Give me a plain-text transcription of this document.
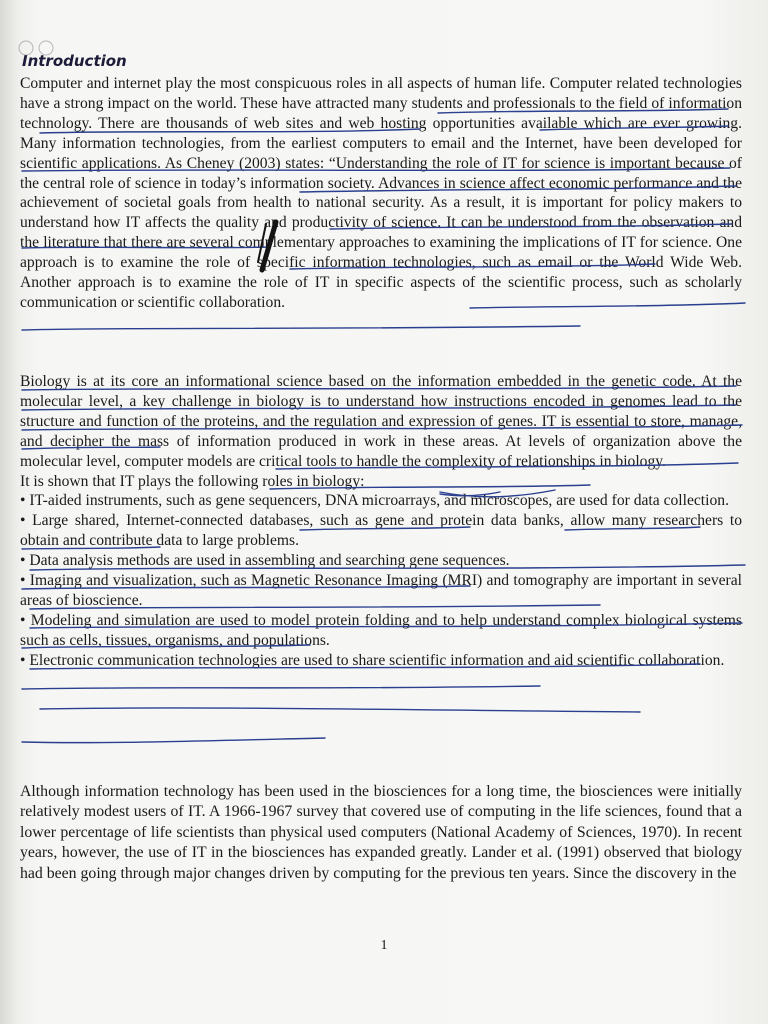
Introduction

Computer and internet play the most conspicuous roles in all aspects of human life. Computer related technologies have a strong impact on the world. These have attracted many students and professionals to the field of information technology. There are thousands of web sites and web hosting opportunities available which are ever growing. Many information technologies, from the earliest computers to email and the Internet, have been developed for scientific applications. As Cheney (2003) states: “Understanding the role of IT for science is important because of the central role of science in today’s information society. Advances in science affect economic performance and the achievement of societal goals from health to national security. As a result, it is important for policy makers to understand how IT affects the quality and productivity of science. It can be understood from the observation and the literature that there are several complementary approaches to examining the implications of IT for science. One approach is to examine the role of specific information technologies, such as email or the World Wide Web. Another approach is to examine the role of IT in specific aspects of the scientific process, such as scholarly communication or scientific collaboration.

Biology is at its core an informational science based on the information embedded in the genetic code. At the molecular level, a key challenge in biology is to understand how instructions encoded in genomes lead to the structure and function of the proteins, and the regulation and expression of genes. IT is essential to store, manage, and decipher the mass of information produced in work in these areas. At levels of organization above the molecular level, computer models are critical tools to handle the complexity of relationships in biology.

It is shown that IT plays the following roles in biology:

• IT-aided instruments, such as gene sequencers, DNA microarrays, and microscopes, are used for data collection.

• Large shared, Internet-connected databases, such as gene and protein data banks, allow many researchers to obtain and contribute data to large problems.

• Data analysis methods are used in assembling and searching gene sequences.

• Imaging and visualization, such as Magnetic Resonance Imaging (MRI) and tomography are important in several areas of bioscience.

• Modeling and simulation are used to model protein folding and to help understand complex biological systems such as cells, tissues, organisms, and populations.

• Electronic communication technologies are used to share scientific information and aid scientific collaboration.

Although information technology has been used in the biosciences for a long time, the biosciences were initially relatively modest users of IT. A 1966-1967 survey that covered use of computing in the life sciences, found that a lower percentage of life scientists than physical used computers (National Academy of Sciences, 1970). In recent years, however, the use of IT in the biosciences has expanded greatly. Lander et al. (1991) observed that biology had been going through major changes driven by computing for the previous ten years. Since the discovery in the

1
